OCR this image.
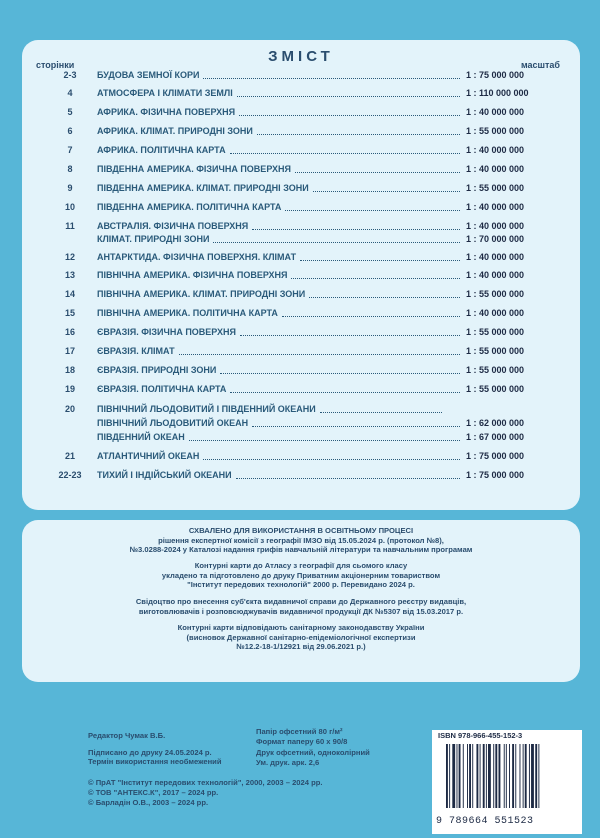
ЗМІСТ
сторінки	масштаб
2-3	БУДОВА ЗЕМНОЇ КОРИ	1 : 75 000 000
4	АТМОСФЕРА І КЛІМАТИ ЗЕМЛІ	1 : 110 000 000
5	АФРИКА. ФІЗИЧНА ПОВЕРХНЯ	1 : 40 000 000
6	АФРИКА. КЛІМАТ. ПРИРОДНІ ЗОНИ	1 : 55 000 000
7	АФРИКА. ПОЛІТИЧНА КАРТА	1 : 40 000 000
8	ПІВДЕННА АМЕРИКА. ФІЗИЧНА ПОВЕРХНЯ	1 : 40 000 000
9	ПІВДЕННА АМЕРИКА. КЛІМАТ. ПРИРОДНІ ЗОНИ	1 : 55 000 000
10	ПІВДЕННА АМЕРИКА. ПОЛІТИЧНА КАРТА	1 : 40 000 000
11	АВСТРАЛІЯ. ФІЗИЧНА ПОВЕРХНЯ	1 : 40 000 000
КЛІМАТ. ПРИРОДНІ ЗОНИ	1 : 70 000 000
12	АНТАРКТИДА. ФІЗИЧНА ПОВЕРХНЯ. КЛІМАТ	1 : 40 000 000
13	ПІВНІЧНА АМЕРИКА. ФІЗИЧНА ПОВЕРХНЯ	1 : 40 000 000
14	ПІВНІЧНА АМЕРИКА. КЛІМАТ. ПРИРОДНІ ЗОНИ	1 : 55 000 000
15	ПІВНІЧНА АМЕРИКА. ПОЛІТИЧНА КАРТА	1 : 40 000 000
16	ЄВРАЗІЯ. ФІЗИЧНА ПОВЕРХНЯ	1 : 55 000 000
17	ЄВРАЗІЯ. КЛІМАТ	1 : 55 000 000
18	ЄВРАЗІЯ. ПРИРОДНІ ЗОНИ	1 : 55 000 000
19	ЄВРАЗІЯ. ПОЛІТИЧНА КАРТА	1 : 55 000 000
20	ПІВНІЧНИЙ ЛЬОДОВИТИЙ І ПІВДЕННИЙ ОКЕАНИ
ПІВНІЧНИЙ ЛЬОДОВИТИЙ ОКЕАН	1 : 62 000 000
ПІВДЕННИЙ ОКЕАН	1 : 67 000 000
21	АТЛАНТИЧНИЙ ОКЕАН	1 : 75 000 000
22-23	ТИХИЙ І ІНДІЙСЬКИЙ ОКЕАНИ	1 : 75 000 000

СХВАЛЕНО ДЛЯ ВИКОРИСТАННЯ В ОСВІТНЬОМУ ПРОЦЕСІ

рішення експертної комісії з географії ІМЗО від 15.05.2024 р. (протокол №8),

№3.0288-2024 у Каталозі надання грифів навчальній літератури та навчальним програмам

Контурні карти до Атласу з географії для сьомого класу

укладено та підготовлено до друку Приватним акціонерним товариством

"Інститут передових технологій" 2000 р. Перевидано 2024 р.

Свідоцтво про внесення суб'єкта видавничої справи до Державного реєстру видавців,

виготовлювачів і розповсюджувачів видавничої продукції ДК №5307 від 15.03.2017 р.

Контурні карти відповідають санітарному законодавству України

(висновок Державної санітарно-епідеміологічної експертизи

№12.2-18-1/12921 від 29.06.2021 р.)

Редактор Чумак В.Б.
Підписано до друку 24.05.2024 р.
Термін використання необмежений
Папір офсетний 80 г/м²
Формат паперу 60 х 90/8
Друк офсетний, одноколірний
Ум. друк. арк. 2,6
© ПрАТ "Інститут передових технологій", 2000, 2003 – 2024 рр.
© ТОВ "АНТЕКС.К", 2017 – 2024 рр.
© Барладін О.В., 2003 – 2024 рр.
ISBN 978-966-455-152-3
9 789664 551523
